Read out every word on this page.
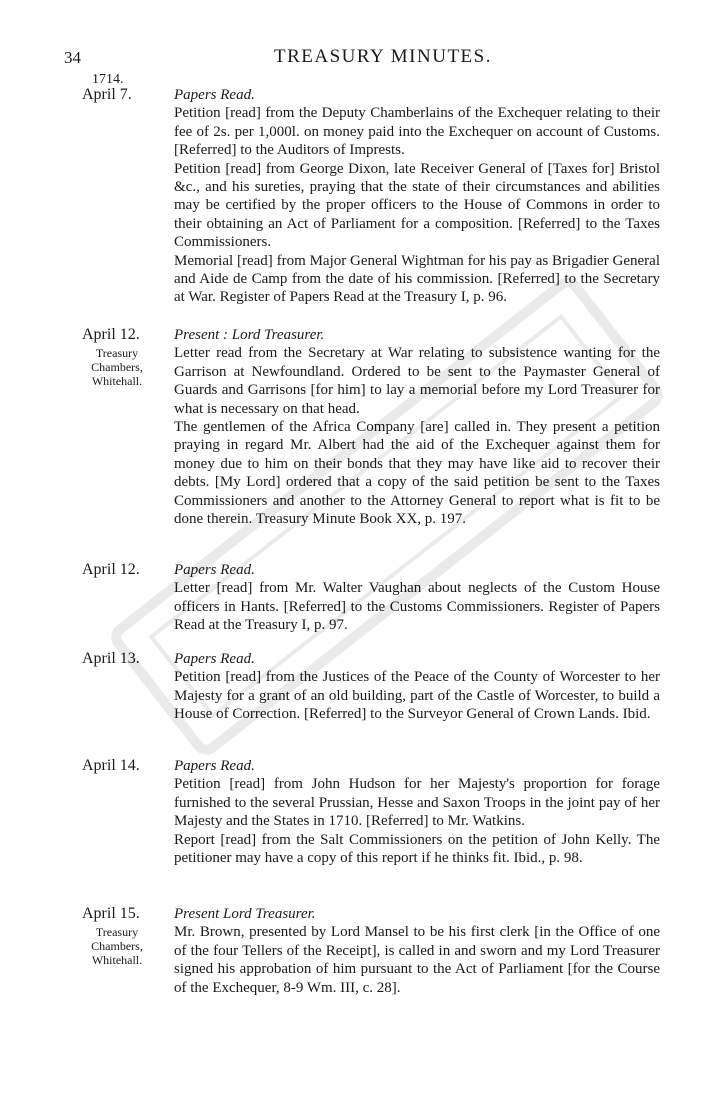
34	TREASURY MINUTES.
1714.
April 7.	Papers Read.

Petition [read] from the Deputy Chamberlains of the Exchequer relating to their fee of 2s. per 1,000l. on money paid into the Exchequer on account of Customs. [Referred] to the Auditors of Imprests.

Petition [read] from George Dixon, late Receiver General of [Taxes for] Bristol &c., and his sureties, praying that the state of their circumstances and abilities may be certified by the proper officers to the House of Commons in order to their obtaining an Act of Parliament for a composition. [Referred] to the Taxes Commissioners.

Memorial [read] from Major General Wightman for his pay as Brigadier General and Aide de Camp from the date of his commission. [Referred] to the Secretary at War. Register of Papers Read at the Treasury I, p. 96.

April 12.
Treasury
Chambers,
Whitehall.

Present : Lord Treasurer.

Letter read from the Secretary at War relating to subsistence wanting for the Garrison at Newfoundland. Ordered to be sent to the Paymaster General of Guards and Garrisons [for him] to lay a memorial before my Lord Treasurer for what is necessary on that head.

The gentlemen of the Africa Company [are] called in. They present a petition praying in regard Mr. Albert had the aid of the Exchequer against them for money due to him on their bonds that they may have like aid to recover their debts. [My Lord] ordered that a copy of the said petition be sent to the Taxes Commissioners and another to the Attorney General to report what is fit to be done therein. Treasury Minute Book XX, p. 197.

April 12. Papers Read.

Letter [read] from Mr. Walter Vaughan about neglects of the Custom House officers in Hants. [Referred] to the Customs Commissioners. Register of Papers Read at the Treasury I, p. 97.

April 13. Papers Read.

Petition [read] from the Justices of the Peace of the County of Worcester to her Majesty for a grant of an old building, part of the Castle of Worcester, to build a House of Correction. [Referred] to the Surveyor General of Crown Lands. Ibid.

April 14. Papers Read.

Petition [read] from John Hudson for her Majesty's proportion for forage furnished to the several Prussian, Hesse and Saxon Troops in the joint pay of her Majesty and the States in 1710. [Referred] to Mr. Watkins.

Report [read] from the Salt Commissioners on the petition of John Kelly. The petitioner may have a copy of this report if he thinks fit. Ibid., p. 98.

April 15.
Treasury
Chambers,
Whitehall.

Present Lord Treasurer.

Mr. Brown, presented by Lord Mansel to be his first clerk [in the Office of one of the four Tellers of the Receipt], is called in and sworn and my Lord Treasurer signed his approbation of him pursuant to the Act of Parliament [for the Course of the Exchequer, 8-9 Wm. III, c. 28].
